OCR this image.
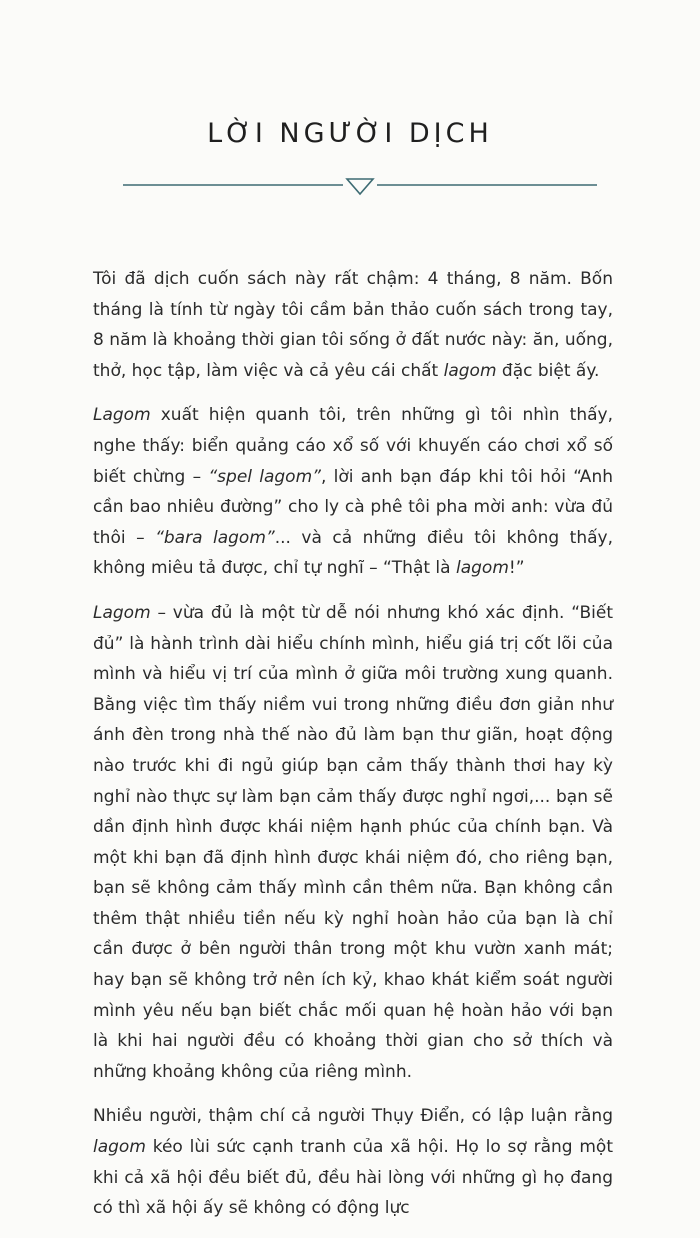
LỜI NGƯỜI DỊCH

Tôi đã dịch cuốn sách này rất chậm: 4 tháng, 8 năm. Bốn tháng là tính từ ngày tôi cầm bản thảo cuốn sách trong tay, 8 năm là khoảng thời gian tôi sống ở đất nước này: ăn, uống, thở, học tập, làm việc và cả yêu cái chất lagom đặc biệt ấy.

Lagom xuất hiện quanh tôi, trên những gì tôi nhìn thấy, nghe thấy: biển quảng cáo xổ số với khuyến cáo chơi xổ số biết chừng – “spel lagom”, lời anh bạn đáp khi tôi hỏi “Anh cần bao nhiêu đường” cho ly cà phê tôi pha mời anh: vừa đủ thôi – “bara lagom”... và cả những điều tôi không thấy, không miêu tả được, chỉ tự nghĩ – “Thật là lagom!”

Lagom – vừa đủ là một từ dễ nói nhưng khó xác định. “Biết đủ” là hành trình dài hiểu chính mình, hiểu giá trị cốt lõi của mình và hiểu vị trí của mình ở giữa môi trường xung quanh. Bằng việc tìm thấy niềm vui trong những điều đơn giản như ánh đèn trong nhà thế nào đủ làm bạn thư giãn, hoạt động nào trước khi đi ngủ giúp bạn cảm thấy thành thơi hay kỳ nghỉ nào thực sự làm bạn cảm thấy được nghỉ ngơi,... bạn sẽ dần định hình được khái niệm hạnh phúc của chính bạn. Và một khi bạn đã định hình được khái niệm đó, cho riêng bạn, bạn sẽ không cảm thấy mình cần thêm nữa. Bạn không cần thêm thật nhiều tiền nếu kỳ nghỉ hoàn hảo của bạn là chỉ cần được ở bên người thân trong một khu vườn xanh mát; hay bạn sẽ không trở nên ích kỷ, khao khát kiểm soát người mình yêu nếu bạn biết chắc mối quan hệ hoàn hảo với bạn là khi hai người đều có khoảng thời gian cho sở thích và những khoảng không của riêng mình.

Nhiều người, thậm chí cả người Thụy Điển, có lập luận rằng lagom kéo lùi sức cạnh tranh của xã hội. Họ lo sợ rằng một khi cả xã hội đều biết đủ, đều hài lòng với những gì họ đang có thì xã hội ấy sẽ không có động lực
